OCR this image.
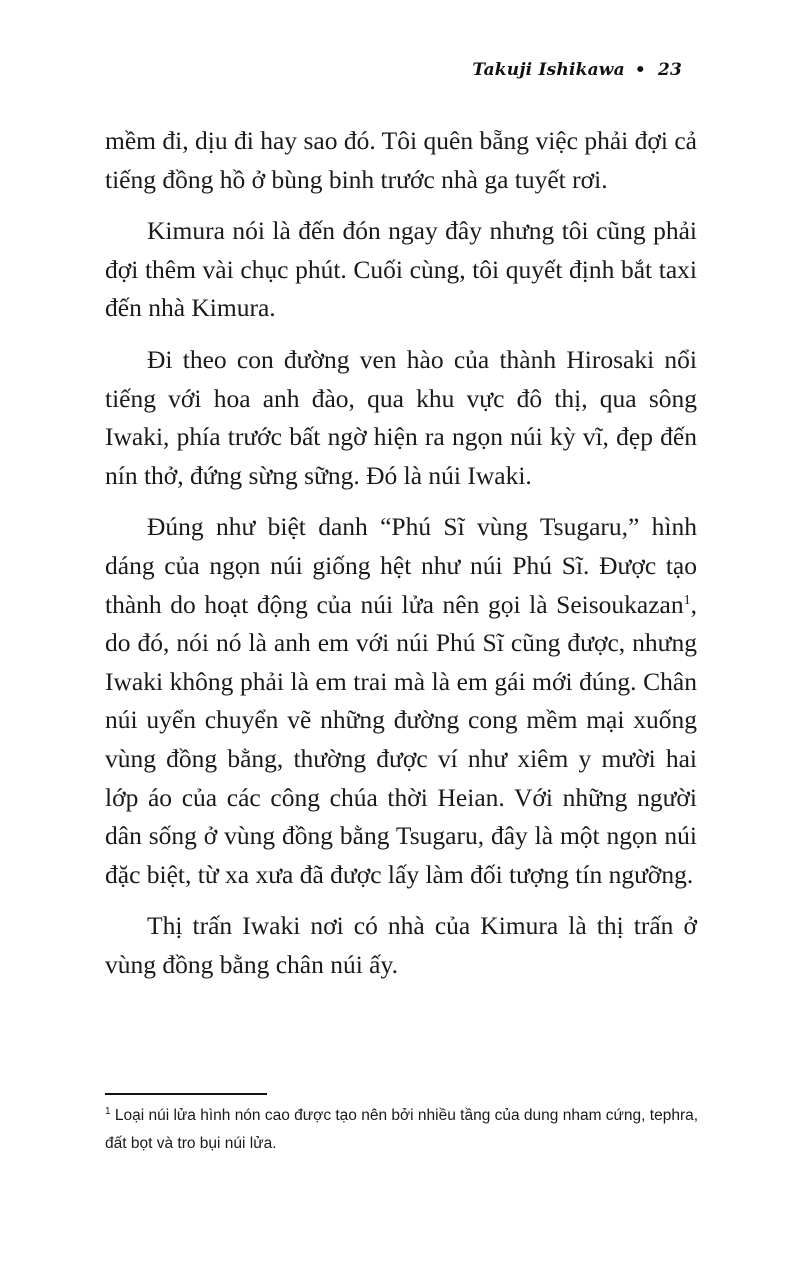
Takuji Ishikawa • 23

mềm đi, dịu đi hay sao đó. Tôi quên bẵng việc phải đợi cả tiếng đồng hồ ở bùng binh trước nhà ga tuyết rơi.

Kimura nói là đến đón ngay đây nhưng tôi cũng phải đợi thêm vài chục phút. Cuối cùng, tôi quyết định bắt taxi đến nhà Kimura.

Đi theo con đường ven hào của thành Hirosaki nổi tiếng với hoa anh đào, qua khu vực đô thị, qua sông Iwaki, phía trước bất ngờ hiện ra ngọn núi kỳ vĩ, đẹp đến nín thở, đứng sừng sững. Đó là núi Iwaki.

Đúng như biệt danh “Phú Sĩ vùng Tsugaru,” hình dáng của ngọn núi giống hệt như núi Phú Sĩ. Được tạo thành do hoạt động của núi lửa nên gọi là Seisoukazan$^1$, do đó, nói nó là anh em với núi Phú Sĩ cũng được, nhưng Iwaki không phải là em trai mà là em gái mới đúng. Chân núi uyển chuyển vẽ những đường cong mềm mại xuống vùng đồng bằng, thường được ví như xiêm y mười hai lớp áo của các công chúa thời Heian. Với những người dân sống ở vùng đồng bằng Tsugaru, đây là một ngọn núi đặc biệt, từ xa xưa đã được lấy làm đối tượng tín ngưỡng.

Thị trấn Iwaki nơi có nhà của Kimura là thị trấn ở vùng đồng bằng chân núi ấy.

$^1$ Loại núi lửa hình nón cao được tạo nên bởi nhiều tầng của dung nham cứng, tephra, đất bọt và tro bụi núi lửa.
